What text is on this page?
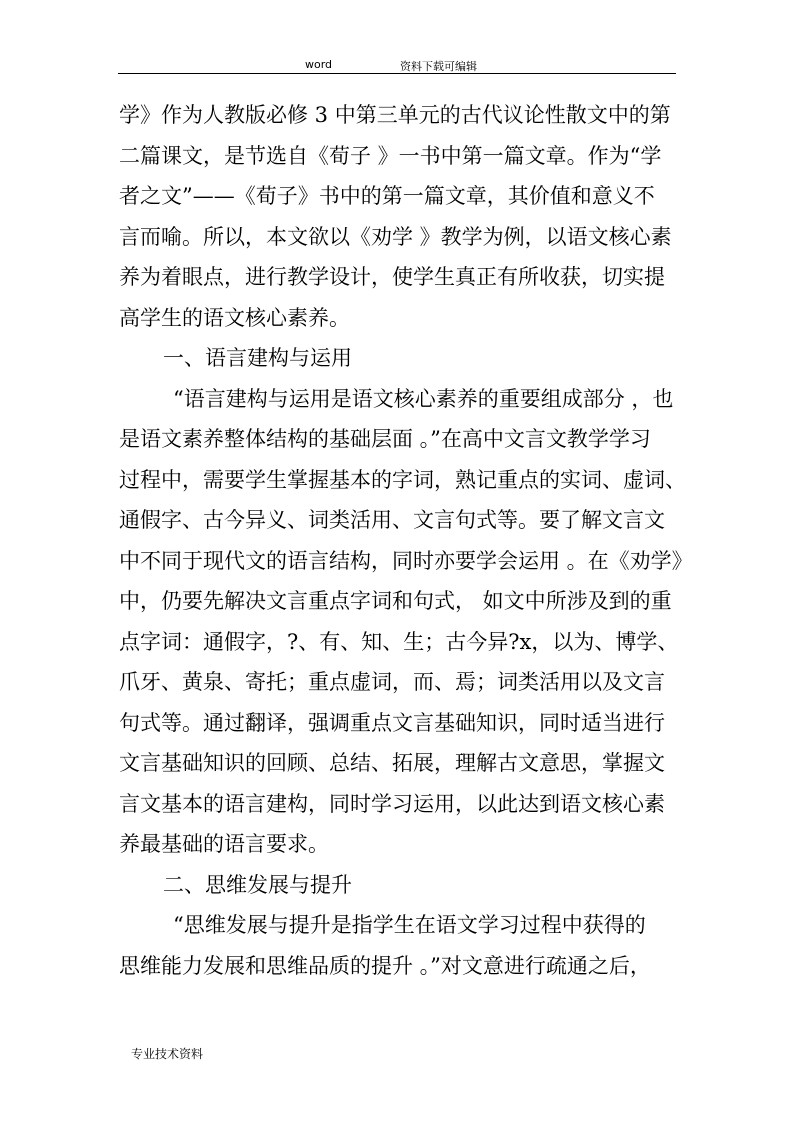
word	资料下载可编辑
学》作为人教版必修 3 中第三单元的古代议论性散文中的第
二篇课文，是节选自《荀子 》一书中第一篇文章。作为“学
者之文”——《荀子》书中的第一篇文章，其价值和意义不
言而喻。所以，本文欲以《劝学 》教学为例，以语文核心素
养为着眼点，进行教学设计，使学生真正有所收获，切实提
高学生的语文核心素养。
一、语言建构与运用
“语言建构与运用是语文核心素养的重要组成部分 ，也
是语文素养整体结构的基础层面 。”在高中文言文教学学习
过程中，需要学生掌握基本的字词，熟记重点的实词、虚词、
通假字、古今异义、词类活用、文言句式等。要了解文言文
中不同于现代文的语言结构，同时亦要学会运用 。在《劝学》
中，仍要先解决文言重点字词和句式， 如文中所涉及到的重
点字词：通假字，?、有、知、生；古今异?x，以为、博学、
爪牙、黄泉、寄托；重点虚词，而、焉；词类活用以及文言
句式等。通过翻译，强调重点文言基础知识，同时适当进行
文言基础知识的回顾、总结、拓展，理解古文意思，掌握文
言文基本的语言建构，同时学习运用，以此达到语文核心素
养最基础的语言要求。
二、思维发展与提升
“思维发展与提升是指学生在语文学习过程中获得的
思维能力发展和思维品质的提升 。”对文意进行疏通之后，
专业技术资料
